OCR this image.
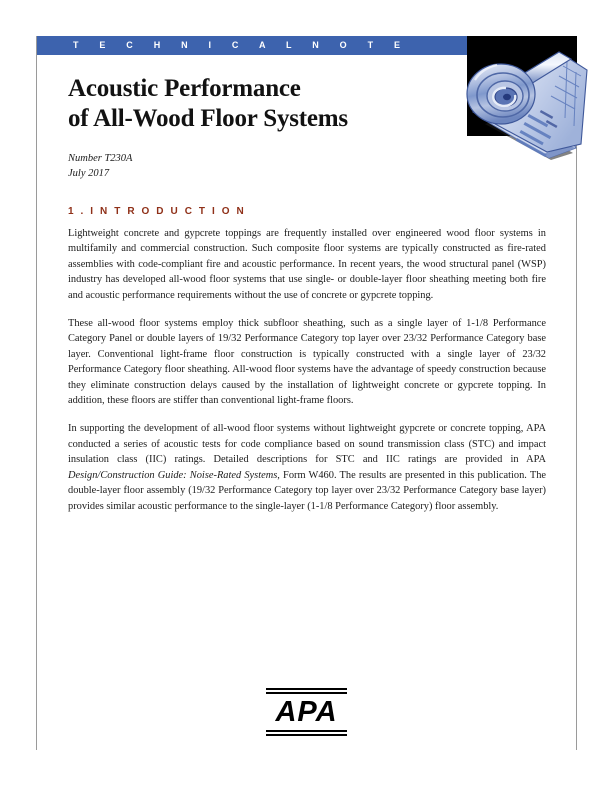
T E C H N I C A L N O T E
Acoustic Performance
of All-Wood Floor Systems
Number T230A
July 2017
1 . I N T R O D U C T I O N

Lightweight concrete and gypcrete toppings are frequently installed over engineered wood floor systems in multifamily and commercial construction. Such composite floor systems are typically constructed as fire-rated assemblies with code-compliant fire and acoustic performance. In recent years, the wood structural panel (WSP) industry has developed all-wood floor systems that use single- or double-layer floor sheathing meeting both fire and acoustic performance requirements without the use of concrete or gypcrete topping.

These all-wood floor systems employ thick subfloor sheathing, such as a single layer of 1-1/8 Performance Category Panel or double layers of 19/32 Performance Category top layer over 23/32 Performance Category base layer. Conventional light-frame floor construction is typically constructed with a single layer of 23/32 Performance Category floor sheathing. All-wood floor systems have the advantage of speedy construction because they eliminate construction delays caused by the installation of lightweight concrete or gypcrete topping. In addition, these floors are stiffer than conventional light-frame floors.

In supporting the development of all-wood floor systems without lightweight gypcrete or concrete topping, APA conducted a series of acoustic tests for code compliance based on sound transmission class (STC) and impact insulation class (IIC) ratings. Detailed descriptions for STC and IIC ratings are provided in APA Design/Construction Guide: Noise-Rated Systems, Form W460. The results are presented in this publication. The double-layer floor assembly (19/32 Performance Category top layer over 23/32 Performance Category base layer) provides similar acoustic performance to the single-layer (1-1/8 Performance Category) floor assembly.

APA
